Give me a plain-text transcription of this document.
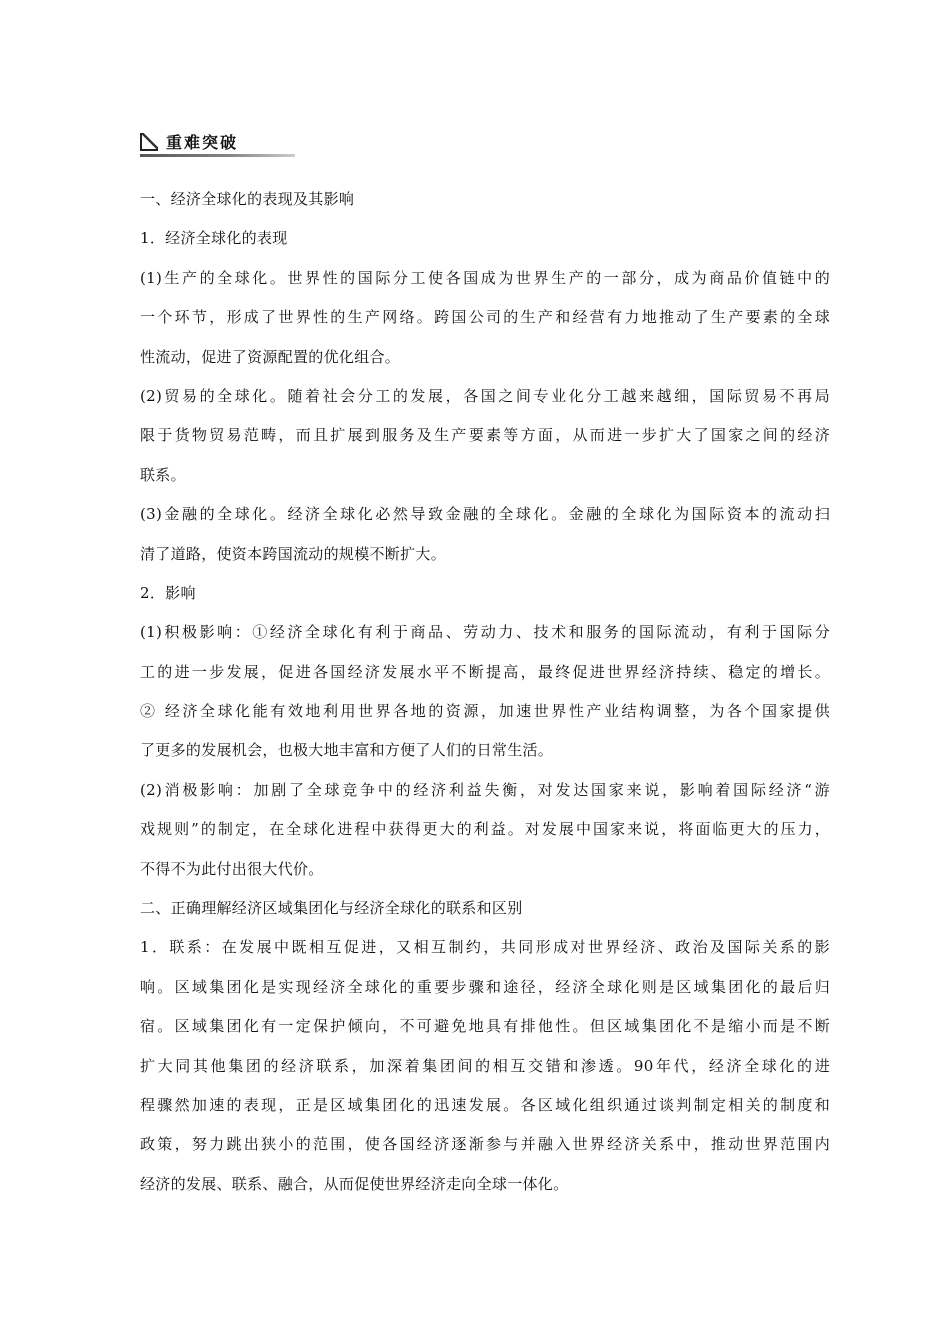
重难突破
一、经济全球化的表现及其影响
1．经济全球化的表现
(1)生产的全球化。世界性的国际分工使各国成为世界生产的一部分，成为商品价值链中的
一个环节，形成了世界性的生产网络。跨国公司的生产和经营有力地推动了生产要素的全球
性流动，促进了资源配置的优化组合。
(2)贸易的全球化。随着社会分工的发展，各国之间专业化分工越来越细，国际贸易不再局
限于货物贸易范畴，而且扩展到服务及生产要素等方面，从而进一步扩大了国家之间的经济
联系。
(3)金融的全球化。经济全球化必然导致金融的全球化。金融的全球化为国际资本的流动扫
清了道路，使资本跨国流动的规模不断扩大。
2．影响
(1)积极影响：①经济全球化有利于商品、劳动力、技术和服务的国际流动，有利于国际分
工的进一步发展，促进各国经济发展水平不断提高，最终促进世界经济持续、稳定的增长。
② 经济全球化能有效地利用世界各地的资源，加速世界性产业结构调整，为各个国家提供
了更多的发展机会，也极大地丰富和方便了人们的日常生活。
(2)消极影响：加剧了全球竞争中的经济利益失衡，对发达国家来说，影响着国际经济“游
戏规则”的制定，在全球化进程中获得更大的利益。对发展中国家来说，将面临更大的压力，
不得不为此付出很大代价。
二、正确理解经济区域集团化与经济全球化的联系和区别
1．联系：在发展中既相互促进，又相互制约，共同形成对世界经济、政治及国际关系的影
响。区域集团化是实现经济全球化的重要步骤和途径，经济全球化则是区域集团化的最后归
宿。区域集团化有一定保护倾向，不可避免地具有排他性。但区域集团化不是缩小而是不断
扩大同其他集团的经济联系，加深着集团间的相互交错和渗透。90年代，经济全球化的进
程骤然加速的表现，正是区域集团化的迅速发展。各区域化组织通过谈判制定相关的制度和
政策，努力跳出狭小的范围，使各国经济逐渐参与并融入世界经济关系中，推动世界范围内
经济的发展、联系、融合，从而促使世界经济走向全球一体化。
